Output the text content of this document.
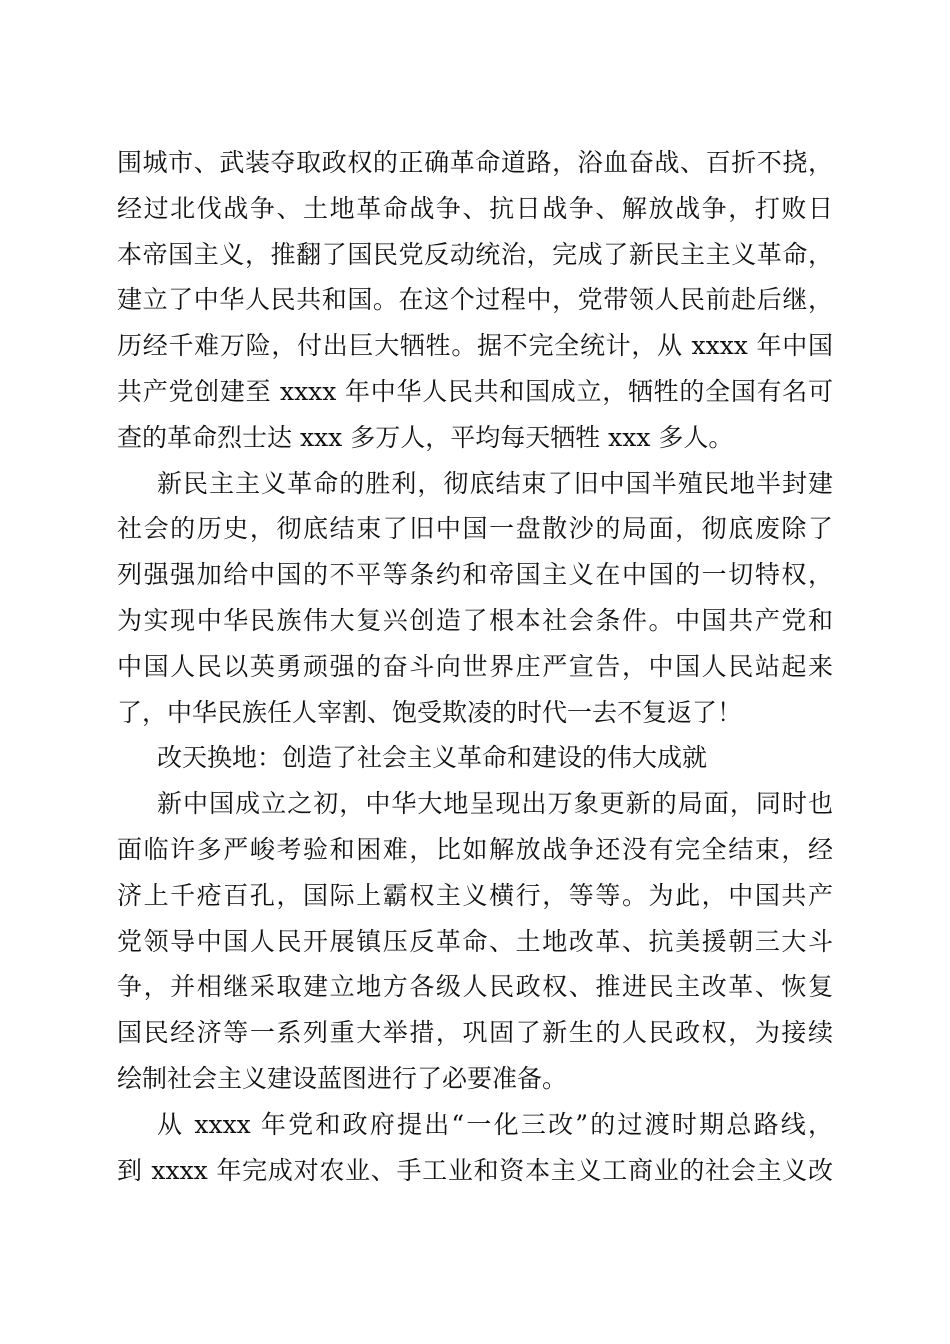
围城市、武装夺取政权的正确革命道路，浴血奋战、百折不挠，
经过北伐战争、土地革命战争、抗日战争、解放战争，打败日
本帝国主义，推翻了国民党反动统治，完成了新民主主义革命，
建立了中华人民共和国。在这个过程中，党带领人民前赴后继，
历经千难万险，付出巨大牺牲。据不完全统计，从 xxxx 年中国
共产党创建至 xxxx 年中华人民共和国成立，牺牲的全国有名可
查的革命烈士达 xxx 多万人，平均每天牺牲 xxx 多人。
新民主主义革命的胜利，彻底结束了旧中国半殖民地半封建
社会的历史，彻底结束了旧中国一盘散沙的局面，彻底废除了
列强强加给中国的不平等条约和帝国主义在中国的一切特权，
为实现中华民族伟大复兴创造了根本社会条件。中国共产党和
中国人民以英勇顽强的奋斗向世界庄严宣告，中国人民站起来
了，中华民族任人宰割、饱受欺凌的时代一去不复返了！
改天换地：创造了社会主义革命和建设的伟大成就
新中国成立之初，中华大地呈现出万象更新的局面，同时也
面临许多严峻考验和困难，比如解放战争还没有完全结束，经
济上千疮百孔，国际上霸权主义横行，等等。为此，中国共产
党领导中国人民开展镇压反革命、土地改革、抗美援朝三大斗
争，并相继采取建立地方各级人民政权、推进民主改革、恢复
国民经济等一系列重大举措，巩固了新生的人民政权，为接续
绘制社会主义建设蓝图进行了必要准备。
从 xxxx 年党和政府提出“一化三改”的过渡时期总路线，
到 xxxx 年完成对农业、手工业和资本主义工商业的社会主义改
